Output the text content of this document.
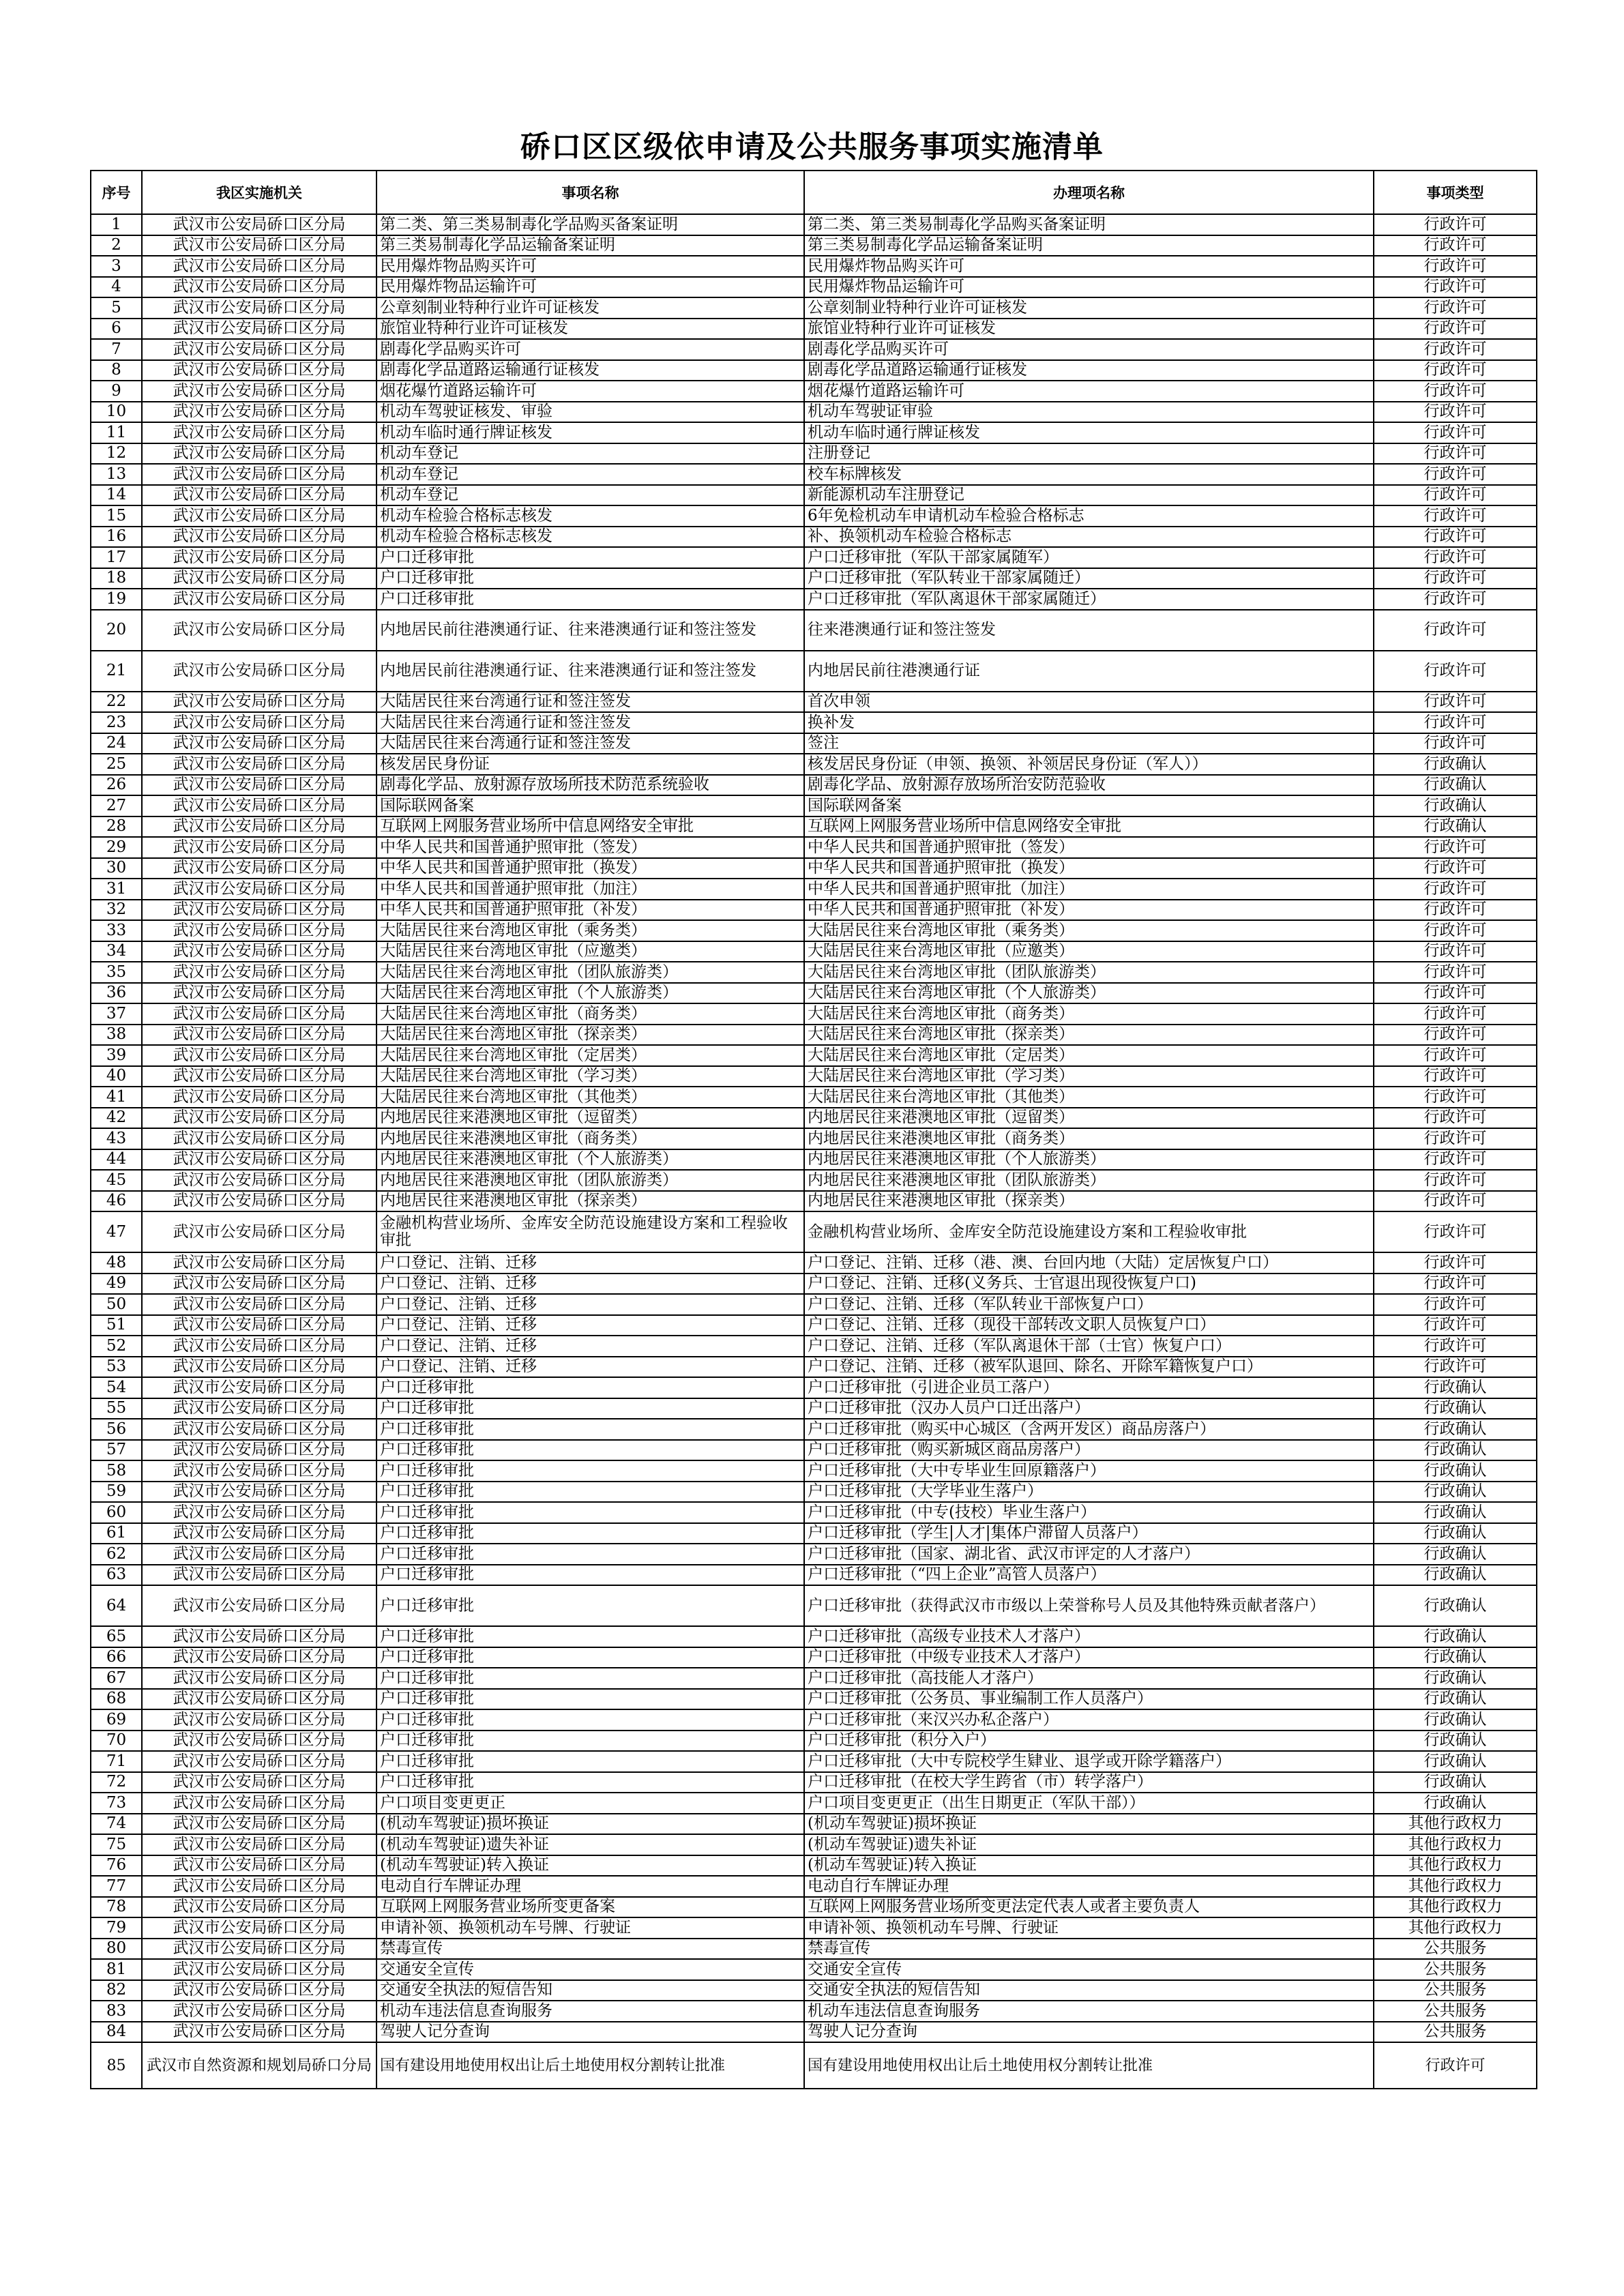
硚口区区级依申请及公共服务事项实施清单
序号	我区实施机关	事项名称	办理项名称	事项类型
1	武汉市公安局硚口区分局	第二类、第三类易制毒化学品购买备案证明	第二类、第三类易制毒化学品购买备案证明	行政许可
2	武汉市公安局硚口区分局	第三类易制毒化学品运输备案证明	第三类易制毒化学品运输备案证明	行政许可
3	武汉市公安局硚口区分局	民用爆炸物品购买许可	民用爆炸物品购买许可	行政许可
4	武汉市公安局硚口区分局	民用爆炸物品运输许可	民用爆炸物品运输许可	行政许可
5	武汉市公安局硚口区分局	公章刻制业特种行业许可证核发	公章刻制业特种行业许可证核发	行政许可
6	武汉市公安局硚口区分局	旅馆业特种行业许可证核发	旅馆业特种行业许可证核发	行政许可
7	武汉市公安局硚口区分局	剧毒化学品购买许可	剧毒化学品购买许可	行政许可
8	武汉市公安局硚口区分局	剧毒化学品道路运输通行证核发	剧毒化学品道路运输通行证核发	行政许可
9	武汉市公安局硚口区分局	烟花爆竹道路运输许可	烟花爆竹道路运输许可	行政许可
10	武汉市公安局硚口区分局	机动车驾驶证核发、审验	机动车驾驶证审验	行政许可
11	武汉市公安局硚口区分局	机动车临时通行牌证核发	机动车临时通行牌证核发	行政许可
12	武汉市公安局硚口区分局	机动车登记	注册登记	行政许可
13	武汉市公安局硚口区分局	机动车登记	校车标牌核发	行政许可
14	武汉市公安局硚口区分局	机动车登记	新能源机动车注册登记	行政许可
15	武汉市公安局硚口区分局	机动车检验合格标志核发	6年免检机动车申请机动车检验合格标志	行政许可
16	武汉市公安局硚口区分局	机动车检验合格标志核发	补、换领机动车检验合格标志	行政许可
17	武汉市公安局硚口区分局	户口迁移审批	户口迁移审批（军队干部家属随军）	行政许可
18	武汉市公安局硚口区分局	户口迁移审批	户口迁移审批（军队转业干部家属随迁）	行政许可
19	武汉市公安局硚口区分局	户口迁移审批	户口迁移审批（军队离退休干部家属随迁）	行政许可
20	武汉市公安局硚口区分局	内地居民前往港澳通行证、往来港澳通行证和签注签发	往来港澳通行证和签注签发	行政许可
21	武汉市公安局硚口区分局	内地居民前往港澳通行证、往来港澳通行证和签注签发	内地居民前往港澳通行证	行政许可
22	武汉市公安局硚口区分局	大陆居民往来台湾通行证和签注签发	首次申领	行政许可
23	武汉市公安局硚口区分局	大陆居民往来台湾通行证和签注签发	换补发	行政许可
24	武汉市公安局硚口区分局	大陆居民往来台湾通行证和签注签发	签注	行政许可
25	武汉市公安局硚口区分局	核发居民身份证	核发居民身份证（申领、换领、补领居民身份证（军人））	行政确认
26	武汉市公安局硚口区分局	剧毒化学品、放射源存放场所技术防范系统验收	剧毒化学品、放射源存放场所治安防范验收	行政确认
27	武汉市公安局硚口区分局	国际联网备案	国际联网备案	行政确认
28	武汉市公安局硚口区分局	互联网上网服务营业场所中信息网络安全审批	互联网上网服务营业场所中信息网络安全审批	行政确认
29	武汉市公安局硚口区分局	中华人民共和国普通护照审批（签发）	中华人民共和国普通护照审批（签发）	行政许可
30	武汉市公安局硚口区分局	中华人民共和国普通护照审批（换发）	中华人民共和国普通护照审批（换发）	行政许可
31	武汉市公安局硚口区分局	中华人民共和国普通护照审批（加注）	中华人民共和国普通护照审批（加注）	行政许可
32	武汉市公安局硚口区分局	中华人民共和国普通护照审批（补发）	中华人民共和国普通护照审批（补发）	行政许可
33	武汉市公安局硚口区分局	大陆居民往来台湾地区审批（乘务类）	大陆居民往来台湾地区审批（乘务类）	行政许可
34	武汉市公安局硚口区分局	大陆居民往来台湾地区审批（应邀类）	大陆居民往来台湾地区审批（应邀类）	行政许可
35	武汉市公安局硚口区分局	大陆居民往来台湾地区审批（团队旅游类）	大陆居民往来台湾地区审批（团队旅游类）	行政许可
36	武汉市公安局硚口区分局	大陆居民往来台湾地区审批（个人旅游类）	大陆居民往来台湾地区审批（个人旅游类）	行政许可
37	武汉市公安局硚口区分局	大陆居民往来台湾地区审批（商务类）	大陆居民往来台湾地区审批（商务类）	行政许可
38	武汉市公安局硚口区分局	大陆居民往来台湾地区审批（探亲类）	大陆居民往来台湾地区审批（探亲类）	行政许可
39	武汉市公安局硚口区分局	大陆居民往来台湾地区审批（定居类）	大陆居民往来台湾地区审批（定居类）	行政许可
40	武汉市公安局硚口区分局	大陆居民往来台湾地区审批（学习类）	大陆居民往来台湾地区审批（学习类）	行政许可
41	武汉市公安局硚口区分局	大陆居民往来台湾地区审批（其他类）	大陆居民往来台湾地区审批（其他类）	行政许可
42	武汉市公安局硚口区分局	内地居民往来港澳地区审批（逗留类）	内地居民往来港澳地区审批（逗留类）	行政许可
43	武汉市公安局硚口区分局	内地居民往来港澳地区审批（商务类）	内地居民往来港澳地区审批（商务类）	行政许可
44	武汉市公安局硚口区分局	内地居民往来港澳地区审批（个人旅游类）	内地居民往来港澳地区审批（个人旅游类）	行政许可
45	武汉市公安局硚口区分局	内地居民往来港澳地区审批（团队旅游类）	内地居民往来港澳地区审批（团队旅游类）	行政许可
46	武汉市公安局硚口区分局	内地居民往来港澳地区审批（探亲类）	内地居民往来港澳地区审批（探亲类）	行政许可
47	武汉市公安局硚口区分局	金融机构营业场所、金库安全防范设施建设方案和工程验收审批	金融机构营业场所、金库安全防范设施建设方案和工程验收审批	行政许可
48	武汉市公安局硚口区分局	户口登记、注销、迁移	户口登记、注销、迁移（港、澳、台回内地（大陆）定居恢复户口）	行政许可
49	武汉市公安局硚口区分局	户口登记、注销、迁移	户口登记、注销、迁移(义务兵、士官退出现役恢复户口)	行政许可
50	武汉市公安局硚口区分局	户口登记、注销、迁移	户口登记、注销、迁移（军队转业干部恢复户口）	行政许可
51	武汉市公安局硚口区分局	户口登记、注销、迁移	户口登记、注销、迁移（现役干部转改文职人员恢复户口）	行政许可
52	武汉市公安局硚口区分局	户口登记、注销、迁移	户口登记、注销、迁移（军队离退休干部（士官）恢复户口）	行政许可
53	武汉市公安局硚口区分局	户口登记、注销、迁移	户口登记、注销、迁移（被军队退回、除名、开除军籍恢复户口）	行政许可
54	武汉市公安局硚口区分局	户口迁移审批	户口迁移审批（引进企业员工落户）	行政确认
55	武汉市公安局硚口区分局	户口迁移审批	户口迁移审批（汉办人员户口迁出落户）	行政确认
56	武汉市公安局硚口区分局	户口迁移审批	户口迁移审批（购买中心城区（含两开发区）商品房落户）	行政确认
57	武汉市公安局硚口区分局	户口迁移审批	户口迁移审批（购买新城区商品房落户）	行政确认
58	武汉市公安局硚口区分局	户口迁移审批	户口迁移审批（大中专毕业生回原籍落户）	行政确认
59	武汉市公安局硚口区分局	户口迁移审批	户口迁移审批（大学毕业生落户）	行政确认
60	武汉市公安局硚口区分局	户口迁移审批	户口迁移审批（中专(技校）毕业生落户）	行政确认
61	武汉市公安局硚口区分局	户口迁移审批	户口迁移审批（学生|人才|集体户滞留人员落户）	行政确认
62	武汉市公安局硚口区分局	户口迁移审批	户口迁移审批（国家、湖北省、武汉市评定的人才落户）	行政确认
63	武汉市公安局硚口区分局	户口迁移审批	户口迁移审批（“四上企业”高管人员落户）	行政确认
64	武汉市公安局硚口区分局	户口迁移审批	户口迁移审批（获得武汉市市级以上荣誉称号人员及其他特殊贡献者落户）	行政确认
65	武汉市公安局硚口区分局	户口迁移审批	户口迁移审批（高级专业技术人才落户）	行政确认
66	武汉市公安局硚口区分局	户口迁移审批	户口迁移审批（中级专业技术人才落户）	行政确认
67	武汉市公安局硚口区分局	户口迁移审批	户口迁移审批（高技能人才落户）	行政确认
68	武汉市公安局硚口区分局	户口迁移审批	户口迁移审批（公务员、事业编制工作人员落户）	行政确认
69	武汉市公安局硚口区分局	户口迁移审批	户口迁移审批（来汉兴办私企落户）	行政确认
70	武汉市公安局硚口区分局	户口迁移审批	户口迁移审批（积分入户）	行政确认
71	武汉市公安局硚口区分局	户口迁移审批	户口迁移审批（大中专院校学生肄业、退学或开除学籍落户）	行政确认
72	武汉市公安局硚口区分局	户口迁移审批	户口迁移审批（在校大学生跨省（市）转学落户）	行政确认
73	武汉市公安局硚口区分局	户口项目变更更正	户口项目变更更正（出生日期更正（军队干部））	行政确认
74	武汉市公安局硚口区分局	(机动车驾驶证)损坏换证	(机动车驾驶证)损坏换证	其他行政权力
75	武汉市公安局硚口区分局	(机动车驾驶证)遗失补证	(机动车驾驶证)遗失补证	其他行政权力
76	武汉市公安局硚口区分局	(机动车驾驶证)转入换证	(机动车驾驶证)转入换证	其他行政权力
77	武汉市公安局硚口区分局	电动自行车牌证办理	电动自行车牌证办理	其他行政权力
78	武汉市公安局硚口区分局	互联网上网服务营业场所变更备案	互联网上网服务营业场所变更法定代表人或者主要负责人	其他行政权力
79	武汉市公安局硚口区分局	申请补领、换领机动车号牌、行驶证	申请补领、换领机动车号牌、行驶证	其他行政权力
80	武汉市公安局硚口区分局	禁毒宣传	禁毒宣传	公共服务
81	武汉市公安局硚口区分局	交通安全宣传	交通安全宣传	公共服务
82	武汉市公安局硚口区分局	交通安全执法的短信告知	交通安全执法的短信告知	公共服务
83	武汉市公安局硚口区分局	机动车违法信息查询服务	机动车违法信息查询服务	公共服务
84	武汉市公安局硚口区分局	驾驶人记分查询	驾驶人记分查询	公共服务
85	武汉市自然资源和规划局硚口分局	国有建设用地使用权出让后土地使用权分割转让批准	国有建设用地使用权出让后土地使用权分割转让批准	行政许可
